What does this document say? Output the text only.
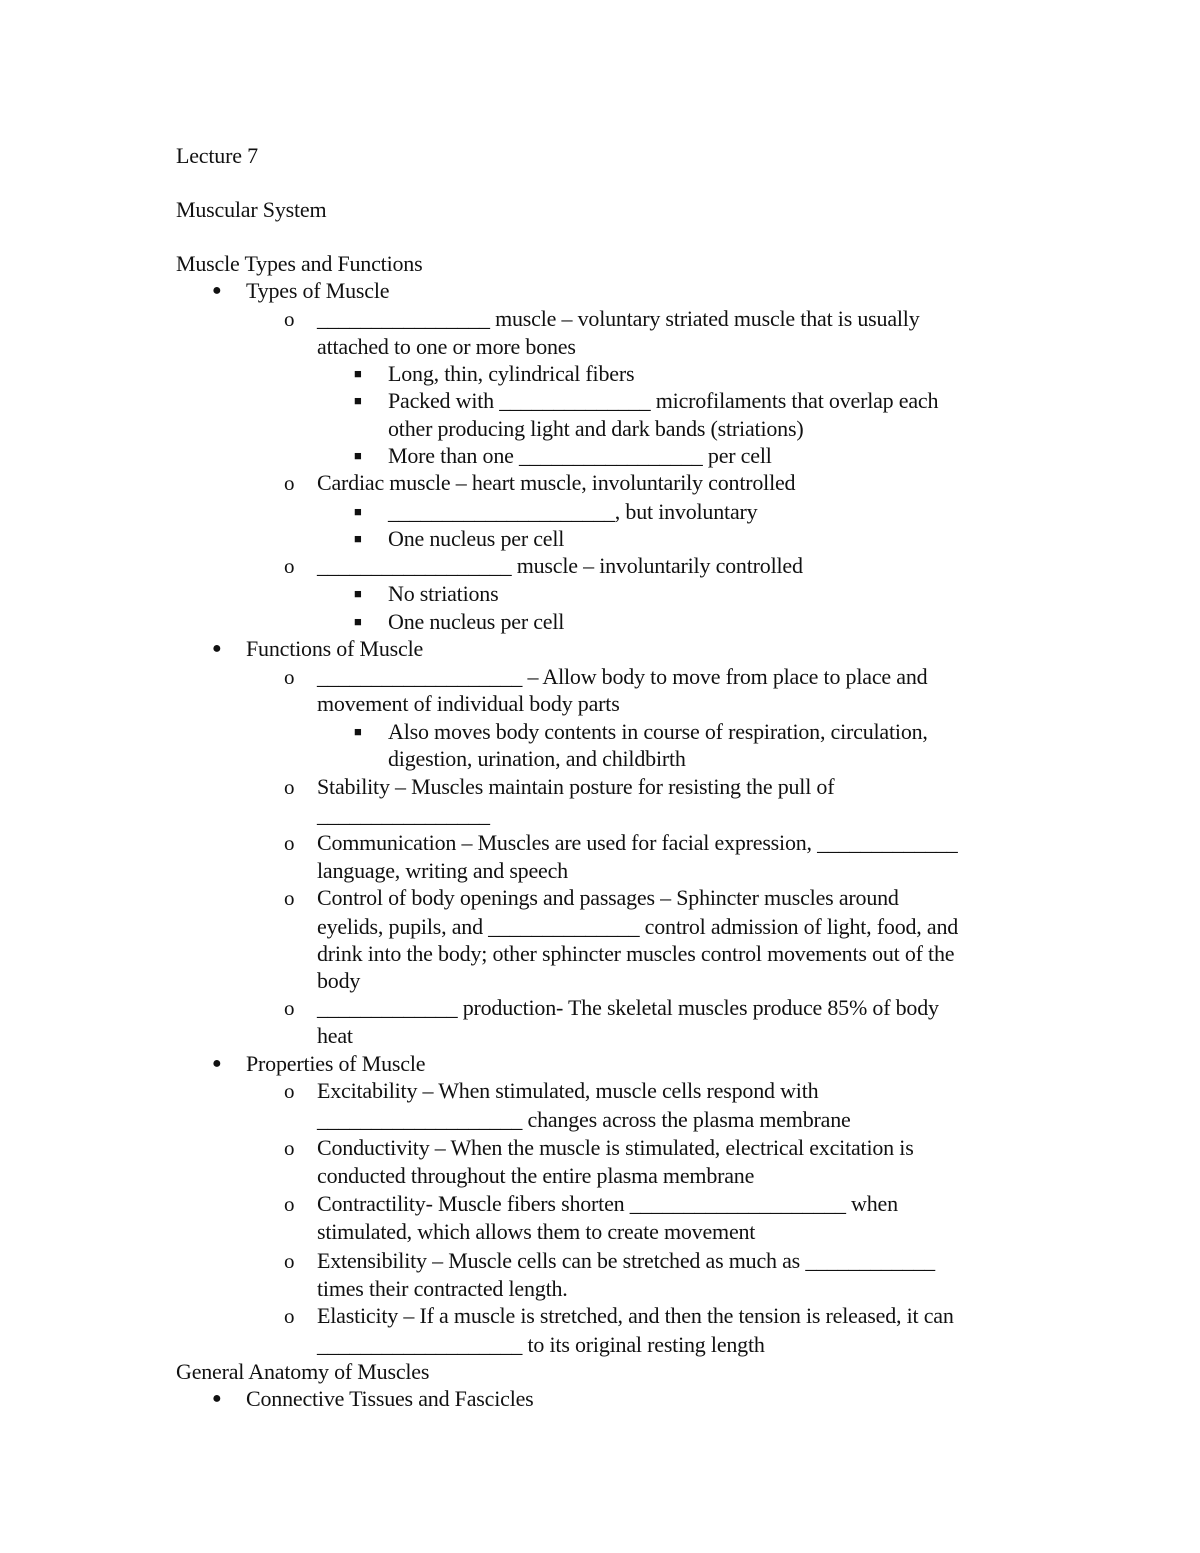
Lecture 7
Muscular System
Muscle Types and Functions
● Types of Muscle
o ________________ muscle – voluntary striated muscle that is usually
attached to one or more bones
■ Long, thin, cylindrical fibers
■ Packed with ______________ microfilaments that overlap each
other producing light and dark bands (striations)
■ More than one _________________ per cell
o Cardiac muscle – heart muscle, involuntarily controlled
■ _____________________, but involuntary
■ One nucleus per cell
o __________________ muscle – involuntarily controlled
■ No striations
■ One nucleus per cell
● Functions of Muscle
o ___________________ – Allow body to move from place to place and
movement of individual body parts
■ Also moves body contents in course of respiration, circulation,
digestion, urination, and childbirth
o Stability – Muscles maintain posture for resisting the pull of
________________
o Communication – Muscles are used for facial expression, _____________
language, writing and speech
o Control of body openings and passages – Sphincter muscles around
eyelids, pupils, and ______________ control admission of light, food, and
drink into the body; other sphincter muscles control movements out of the
body
o _____________ production- The skeletal muscles produce 85% of body
heat
● Properties of Muscle
o Excitability – When stimulated, muscle cells respond with
___________________ changes across the plasma membrane
o Conductivity – When the muscle is stimulated, electrical excitation is
conducted throughout the entire plasma membrane
o Contractility- Muscle fibers shorten ____________________ when
stimulated, which allows them to create movement
o Extensibility – Muscle cells can be stretched as much as ____________
times their contracted length.
o Elasticity – If a muscle is stretched, and then the tension is released, it can
___________________ to its original resting length
General Anatomy of Muscles
● Connective Tissues and Fascicles
